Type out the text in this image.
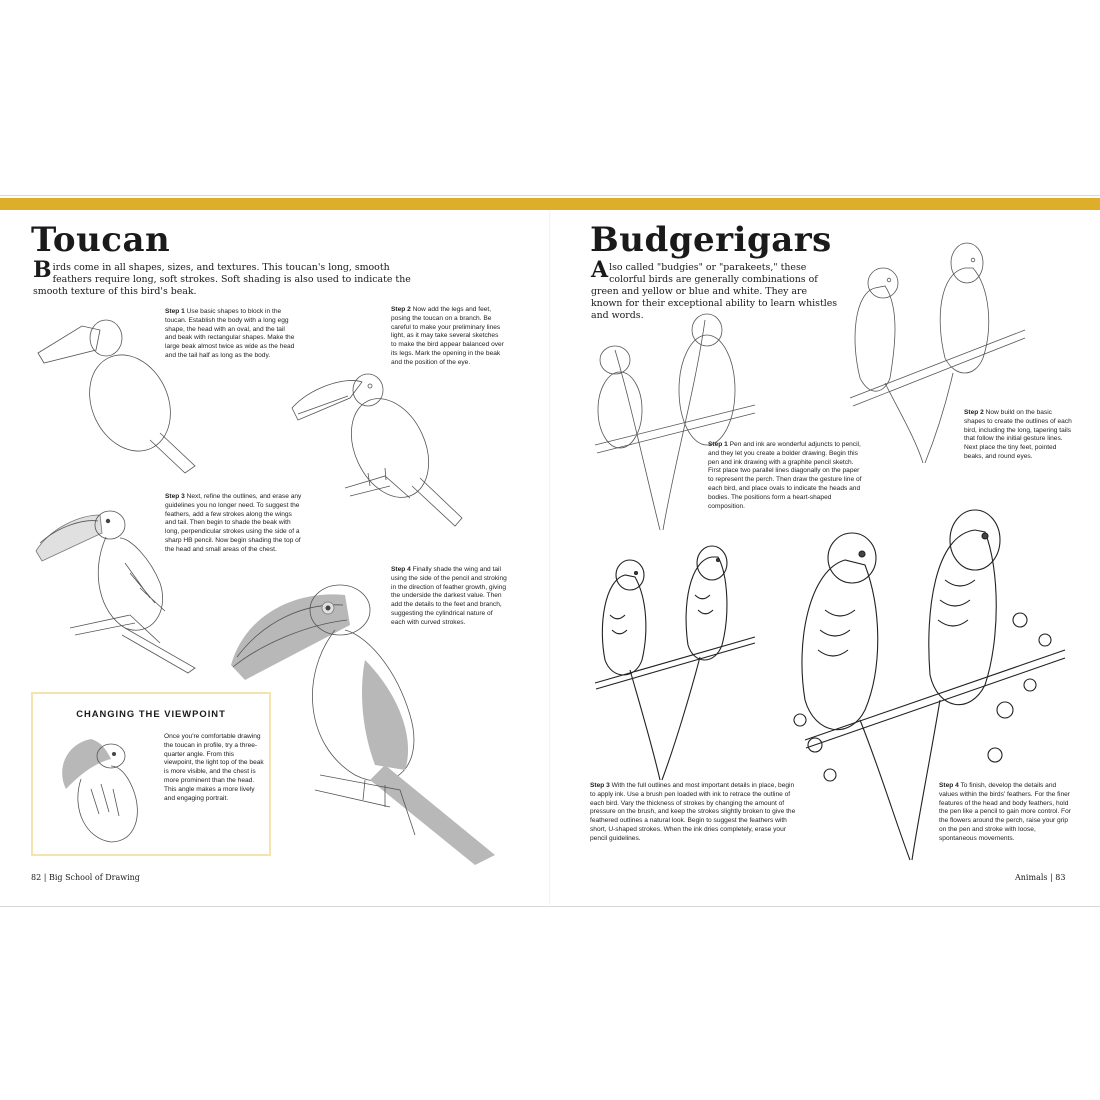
Toucan
Birds come in all shapes, sizes, and textures. This toucan's long, smooth feathers require long, soft strokes. Soft shading is also used to indicate the smooth texture of this bird's beak.
Step 1 Use basic shapes to block in the toucan. Establish the body with a long egg shape, the head with an oval, and the tail and beak with rectangular shapes. Make the large beak almost twice as wide as the head and the tail half as long as the body.
Step 2 Now add the legs and feet, posing the toucan on a branch. Be careful to make your preliminary lines light, as it may take several sketches to make the bird appear balanced over its legs. Mark the opening in the beak and the position of the eye.
Step 3 Next, refine the outlines, and erase any guidelines you no longer need. To suggest the feathers, add a few strokes along the wings and tail. Then begin to shade the beak with long, perpendicular strokes using the side of a sharp HB pencil. Now begin shading the top of the head and small areas of the chest.
Step 4 Finally shade the wing and tail using the side of the pencil and stroking in the direction of feather growth, giving the underside the darkest value. Then add the details to the feet and branch, suggesting the cylindrical nature of each with curved strokes.
CHANGING THE VIEWPOINT
Once you're comfortable drawing the toucan in profile, try a three-quarter angle. From this viewpoint, the light top of the beak is more visible, and the chest is more prominent than the head. This angle makes a more lively and engaging portrait.
82 | Big School of Drawing
Budgerigars
Also called "budgies" or "parakeets," these colorful birds are generally combinations of green and yellow or blue and white. They are known for their exceptional ability to learn whistles and words.
Step 1 Pen and ink are wonderful adjuncts to pencil, and they let you create a bolder drawing. Begin this pen and ink drawing with a graphite pencil sketch. First place two parallel lines diagonally on the paper to represent the perch. Then draw the gesture line of each bird, and place ovals to indicate the heads and bodies. The positions form a heart-shaped composition.
Step 2 Now build on the basic shapes to create the outlines of each bird, including the long, tapering tails that follow the initial gesture lines. Next place the tiny feet, pointed beaks, and round eyes.
Step 3 With the full outlines and most important details in place, begin to apply ink. Use a brush pen loaded with ink to retrace the outline of each bird. Vary the thickness of strokes by changing the amount of pressure on the brush, and keep the strokes slightly broken to give the feathered outlines a natural look. Begin to suggest the feathers with short, U-shaped strokes. When the ink dries completely, erase your pencil guidelines.
Step 4 To finish, develop the details and values within the birds' feathers. For the finer features of the head and body feathers, hold the pen like a pencil to gain more control. For the flowers around the perch, raise your grip on the pen and stroke with loose, spontaneous movements.
Animals | 83
